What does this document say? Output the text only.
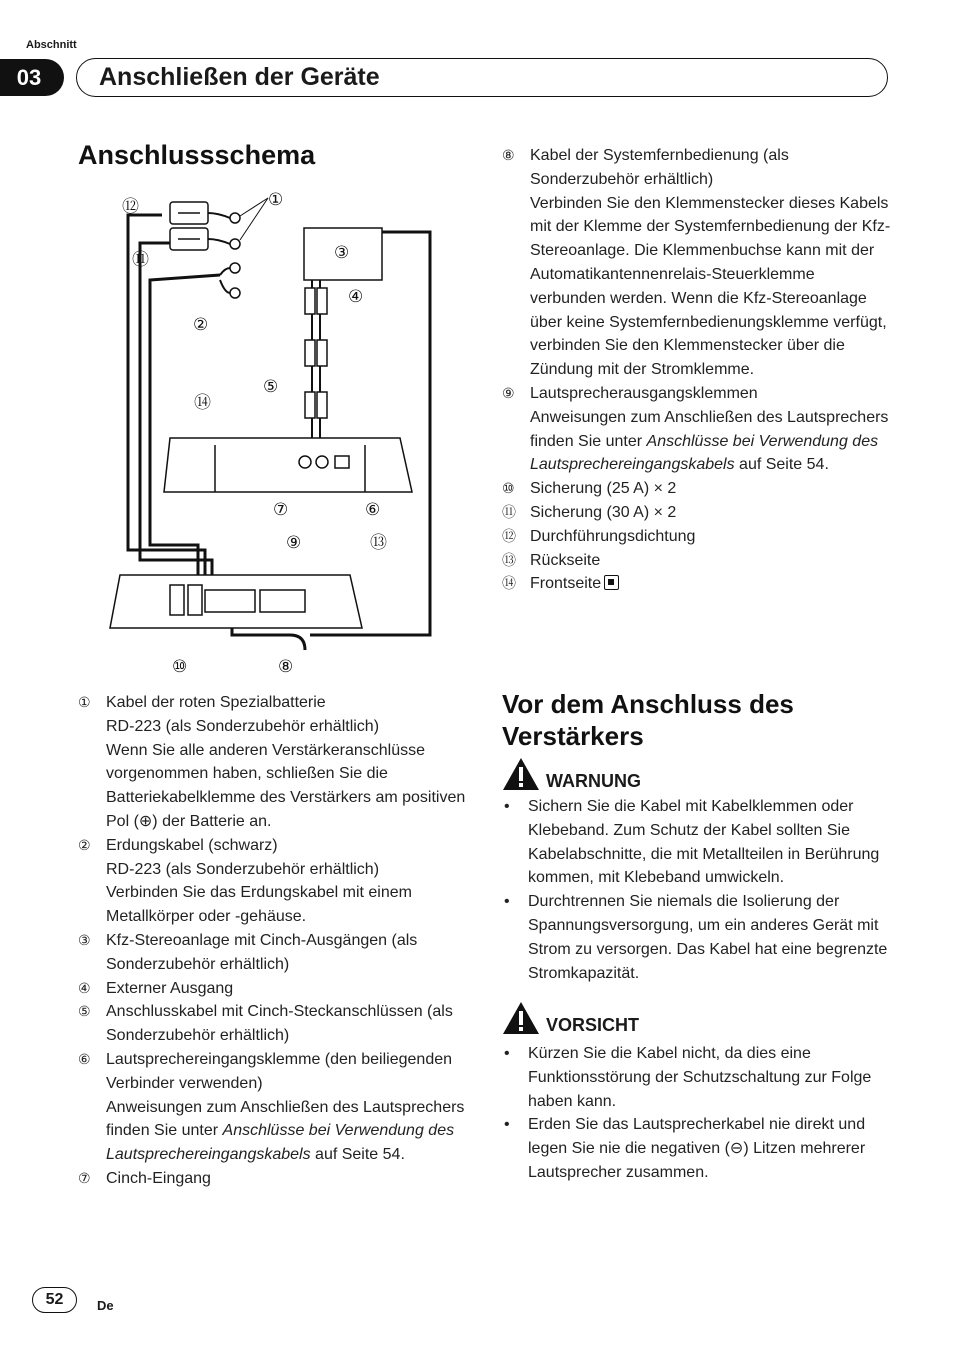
Abschnitt
03	Anschließen der Geräte
Anschlussschema
⑫	①
⑪	③
④
②
⑤
⑭
⑦	⑥
⑨	⑬
⑩	⑧
① Kabel der roten Spezialbatterie

RD-223 (als Sonderzubehör erhältlich)

Wenn Sie alle anderen Verstärkeranschlüsse vorgenommen haben, schließen Sie die Batteriekabelklemme des Verstärkers am positiven Pol (⊕) der Batterie an.

② Erdungskabel (schwarz)

RD-223 (als Sonderzubehör erhältlich)

Verbinden Sie das Erdungskabel mit einem Metallkörper oder -gehäuse.

③ Kfz-Stereoanlage mit Cinch-Ausgängen (als Sonderzubehör erhältlich)

④ Externer Ausgang

⑤ Anschlusskabel mit Cinch-Steckanschlüssen (als Sonderzubehör erhältlich)

⑥ Lautsprechereingangsklemme (den beiliegenden Verbinder verwenden)

Anweisungen zum Anschließen des Lautsprechers finden Sie unter Anschlüsse bei Verwendung des Lautsprechereingangskabels auf Seite 54.

⑦ Cinch-Eingang

⑧ Kabel der Systemfernbedienung (als Sonderzubehör erhältlich)

Verbinden Sie den Klemmenstecker dieses Kabels mit der Klemme der Systemfernbedienung der Kfz-Stereoanlage. Die Klemmenbuchse kann mit der Automatikantennenrelais-Steuerklemme verbunden werden. Wenn die Kfz-Stereoanlage über keine Systemfernbedienungsklemme verfügt, verbinden Sie den Klemmenstecker über die Zündung mit der Stromklemme.

⑨ Lautsprecherausgangsklemmen

Anweisungen zum Anschließen des Lautsprechers finden Sie unter Anschlüsse bei Verwendung des Lautsprechereingangskabels auf Seite 54.

⑩ Sicherung (25 A) × 2

⑪ Sicherung (30 A) × 2

⑫ Durchführungsdichtung

⑬ Rückseite

⑭ Frontseite

Vor dem Anschluss des Verstärkers
WARNUNG
•	Sichern Sie die Kabel mit Kabelklemmen oder Klebeband. Zum Schutz der Kabel sollten Sie Kabelabschnitte, die mit Metallteilen in Berührung kommen, mit Klebeband umwickeln.
•	Durchtrennen Sie niemals die Isolierung der Spannungsversorgung, um ein anderes Gerät mit Strom zu versorgen. Das Kabel hat eine begrenzte Stromkapazität.
VORSICHT
•	Kürzen Sie die Kabel nicht, da dies eine Funktionsstörung der Schutzschaltung zur Folge haben kann.
•	Erden Sie das Lautsprecherkabel nie direkt und legen Sie nie die negativen (⊖) Litzen mehrerer Lautsprecher zusammen.
52	De
